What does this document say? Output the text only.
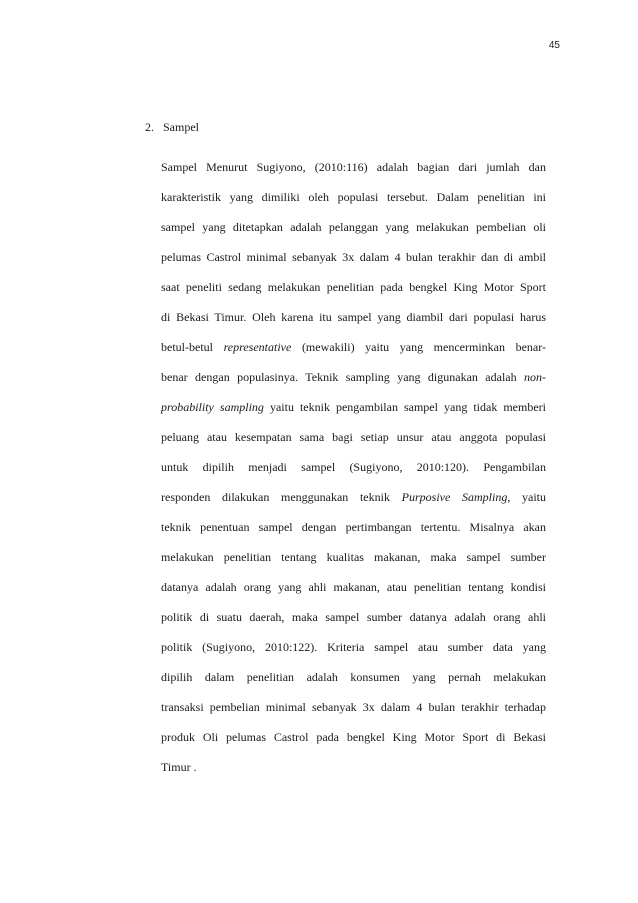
45
2. Sampel
Sampel Menurut Sugiyono, (2010:116) adalah bagian dari jumlah dan
karakteristik yang dimiliki oleh populasi tersebut. Dalam penelitian ini
sampel yang ditetapkan adalah pelanggan yang melakukan pembelian oli
pelumas Castrol minimal sebanyak 3x dalam 4 bulan terakhir dan di ambil
saat peneliti sedang melakukan penelitian pada bengkel King Motor Sport
di Bekasi Timur. Oleh karena itu sampel yang diambil dari populasi harus
betul-betul representative (mewakili) yaitu yang mencerminkan benar-
benar dengan populasinya. Teknik sampling yang digunakan adalah non-
probability sampling yaitu teknik pengambilan sampel yang tidak memberi
peluang atau kesempatan sama bagi setiap unsur atau anggota populasi
untuk dipilih menjadi sampel (Sugiyono, 2010:120). Pengambilan
responden dilakukan menggunakan teknik Purposive Sampling, yaitu
teknik penentuan sampel dengan pertimbangan tertentu. Misalnya akan
melakukan penelitian tentang kualitas makanan, maka sampel sumber
datanya adalah orang yang ahli makanan, atau penelitian tentang kondisi
politik di suatu daerah, maka sampel sumber datanya adalah orang ahli
politik (Sugiyono, 2010:122). Kriteria sampel atau sumber data yang
dipilih dalam penelitian adalah konsumen yang pernah melakukan
transaksi pembelian minimal sebanyak 3x dalam 4 bulan terakhir terhadap
produk Oli pelumas Castrol pada bengkel King Motor Sport di Bekasi
Timur .
